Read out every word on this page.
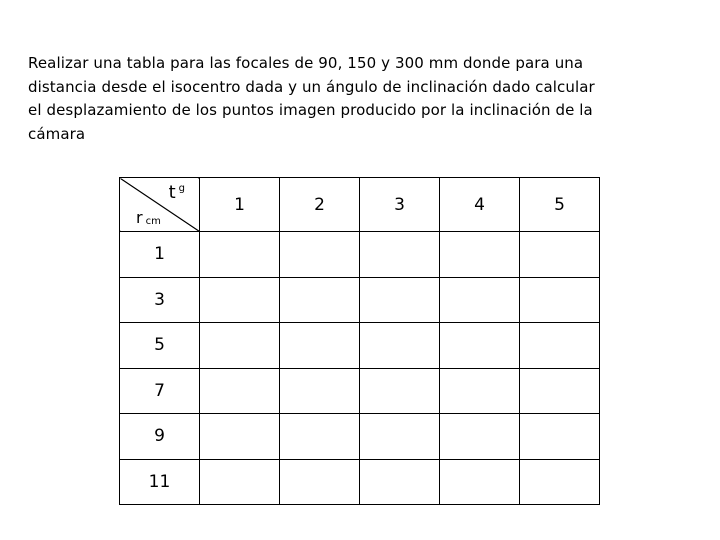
Realizar una tabla para las focales de 90, 150 y 300 mm donde para una
distancia desde el isocentro dada y un ángulo de inclinación dado calcular
el desplazamiento de los puntos imagen producido por la inclinación de la
cámara

t $^g$
r $_{cm}$	1	2	3	4	5
1					
3					
5					
7					
9					
11					
